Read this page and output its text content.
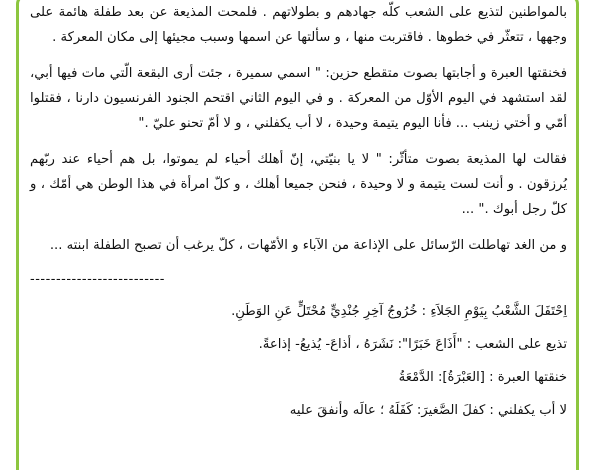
بالمواطنين لتذيع على الشعب كلّه جهادهم و بطولاتهم . فلمحت المذيعة عن بعد طفلة هائمة على وجهها ، تتعثّر في خطوها . فاقتربت منها ، و سألتها عن اسمها وسبب مجيئها إلى مكان المعركة .

فخنقتها العبرة و أجابتها بصوت متقطع حزين: " اسمي سميرة ، جئت أرى البقعة الّتي مات فيها أبي، لقد استشهد في اليوم الأوّل من المعركة . و في اليوم الثاني اقتحم الجنود الفرنسيون دارنا ، فقتلوا أمّي و أختي زينب ... فأنا اليوم يتيمة وحيدة ، لا أب يكفلني ، و لا أمّ تحنو عليّ ."

فقالت لها المذيعة بصوت متأثّر: " لا يا بنيّتي، إنّ أهلك أحياء لم يموتوا، بل هم أحياء عند ربّهم يُرزقون . و أنت لست يتيمة و لا وحيدة ، فنحن جميعا أهلك ، و كلّ امرأة في هذا الوطن هي أمّك ، و كلّ رجل أبوك ." ...

و من الغد تهاطلت الرّسائل على الإذاعة من الآباء و الأمّهات ، كلّ يرغب أن تصبح الطفلة ابنته ...

--------------------------

اِحْتَفَلَ الشَّعْبُ بِيَوْمِ الجَلاَءِ : خُرُوجُ آخِرِ جُنْدِيٍّ مُحْتَلٍّ عَنِ الوَطَنِ.

تذيع على الشعب : "أَذَاعَ خَبَرًا": نَشَرَهُ ، أذاعَ- يُذيعُ- إذاعةً.

خنقتها العبرة : [العَبْرَةُ]: الدَّمْعَةُ

لا أب يكفلني : كفلَ الصَّغيرَ: كَفَلَهُ ؛ عالَه وأنفقَ عليه
